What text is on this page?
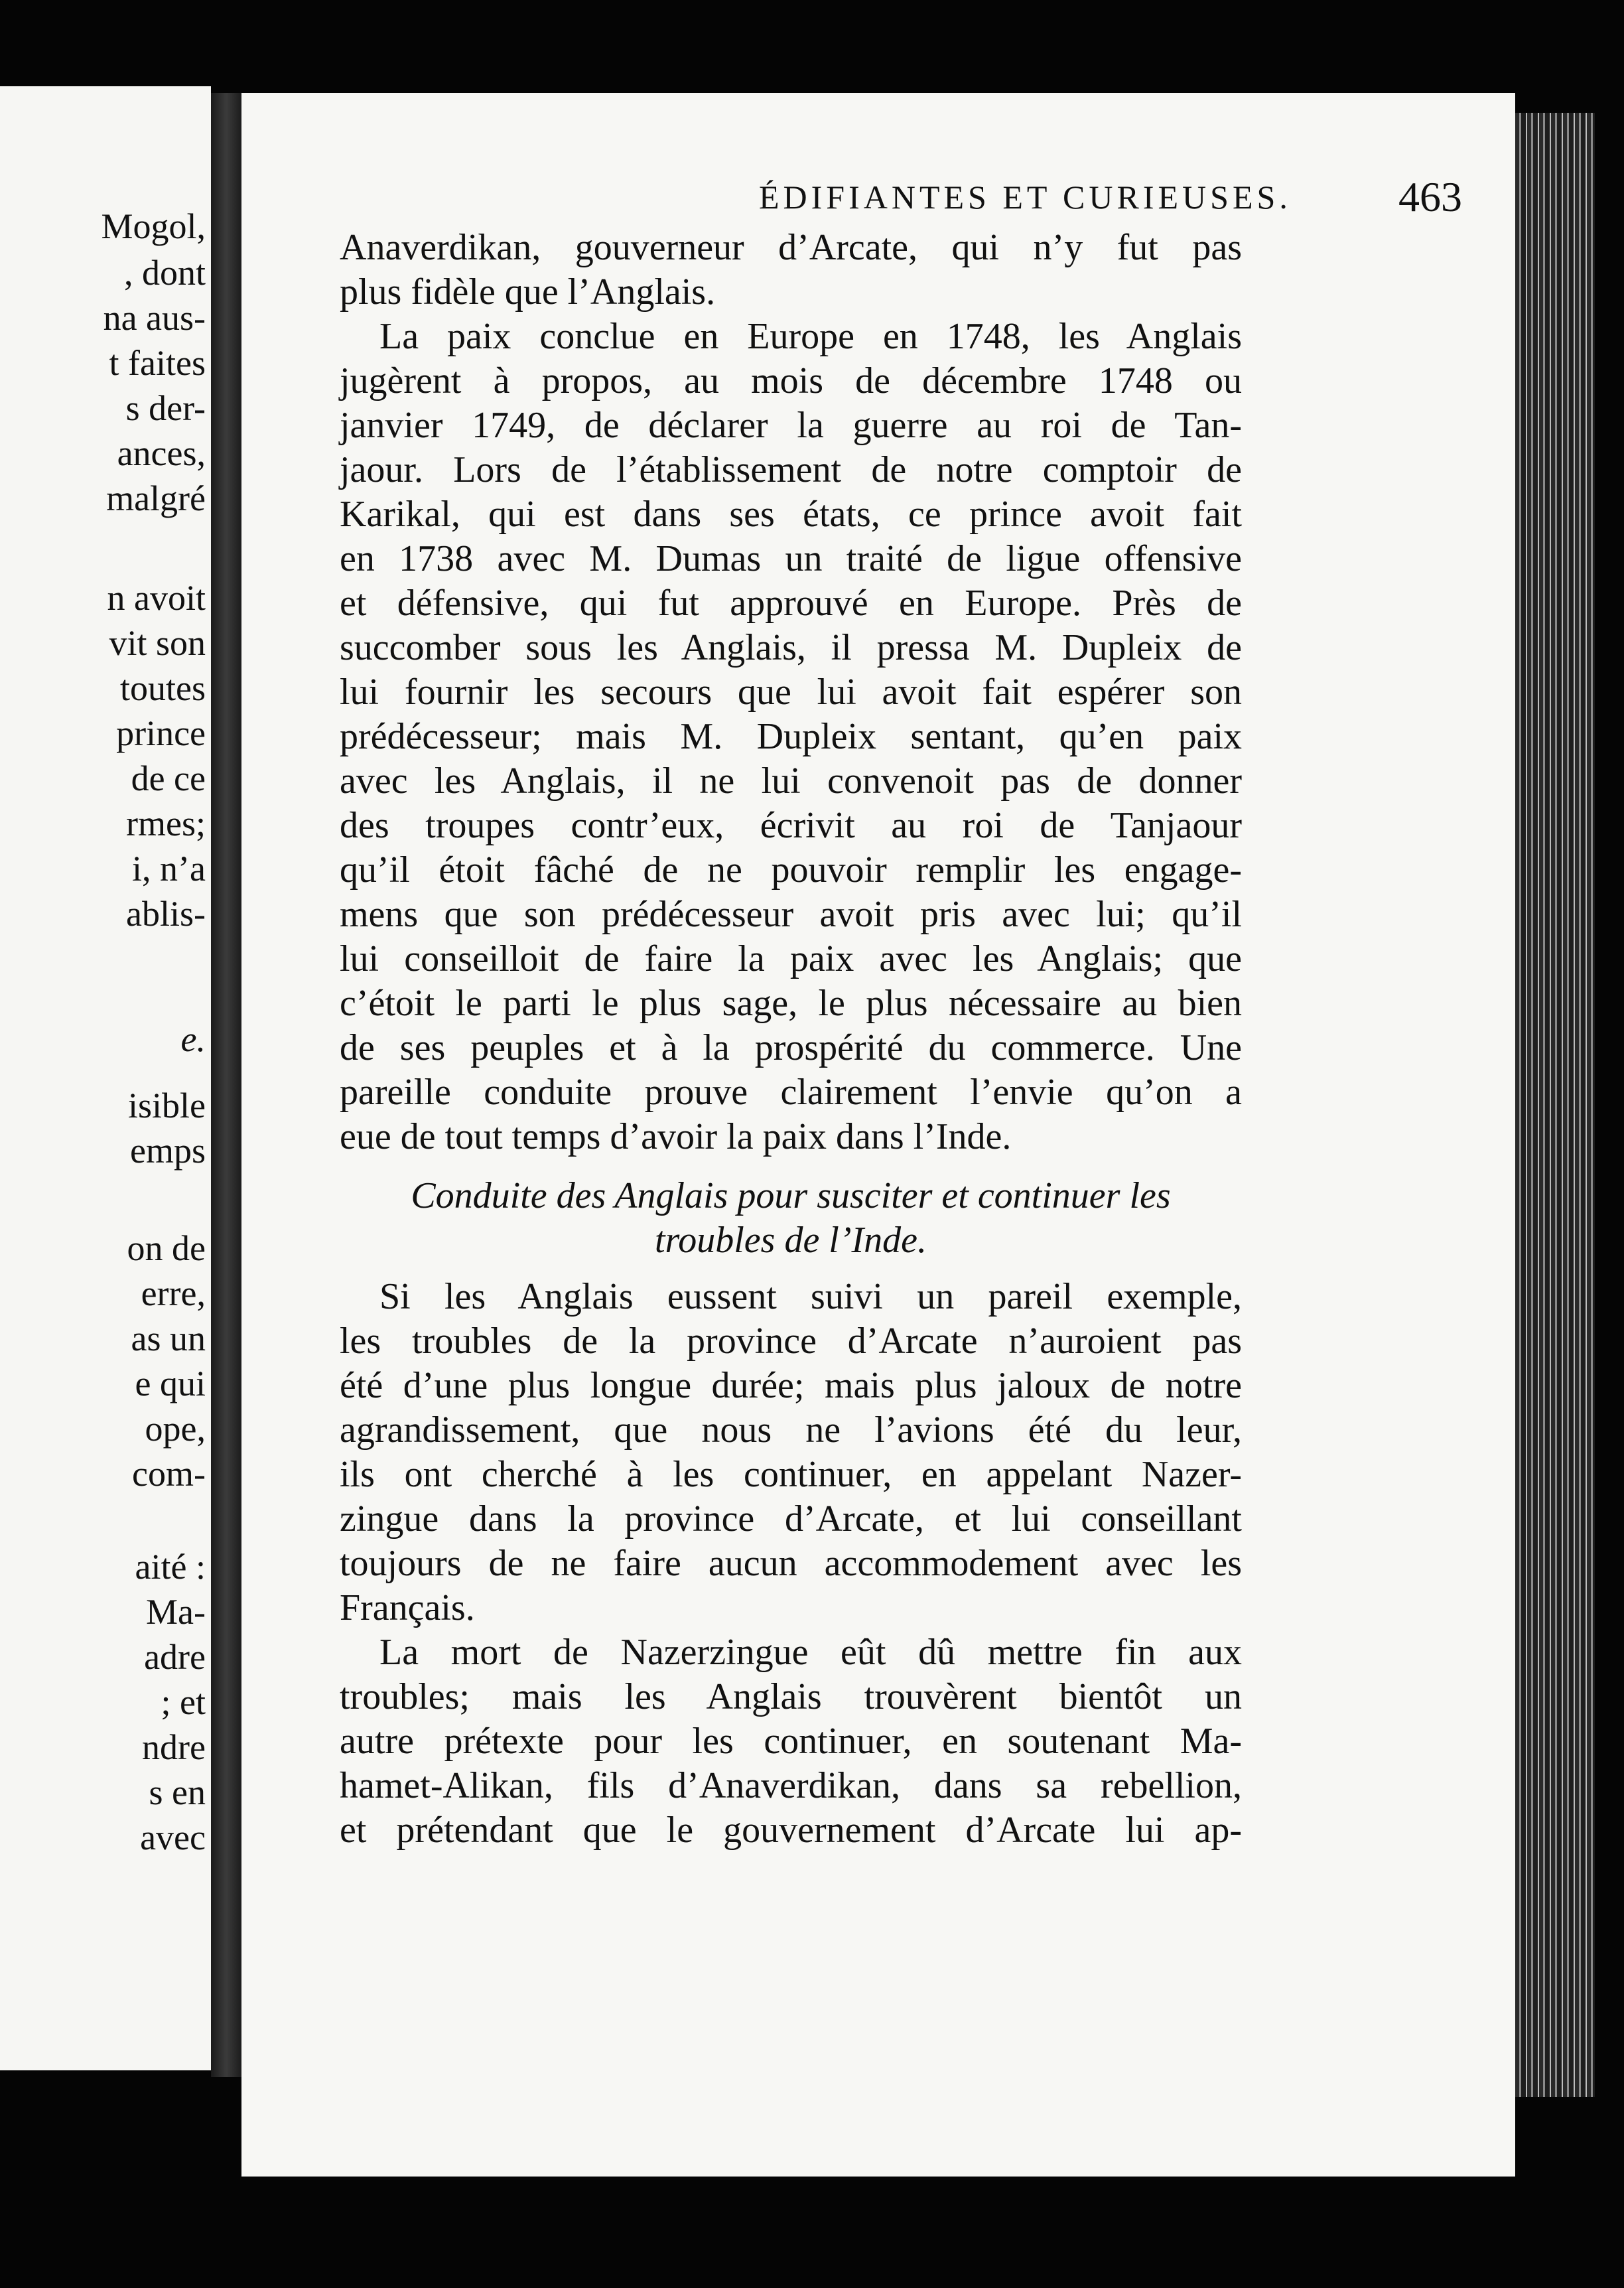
Mogol,
, dont
na aus-
t faites
s der-
ances,
malgré
n avoit
vit son
toutes
prince
de ce
rmes;
i, n’a
ablis-
e.
isible
emps
on de
erre,
as un
e qui
ope,
com-
aité :
Ma-
adre
; et
ndre
s en
avec
ÉDIFIANTES ET CURIEUSES.	463
Anaverdikan, gouverneur d’Arcate, qui n’y fut pas
plus fidèle que l’Anglais.
La paix conclue en Europe en 1748, les Anglais
jugèrent à propos, au mois de décembre 1748 ou
janvier 1749, de déclarer la guerre au roi de Tan-
jaour. Lors de l’établissement de notre comptoir de
Karikal, qui est dans ses états, ce prince avoit fait
en 1738 avec M. Dumas un traité de ligue offensive
et défensive, qui fut approuvé en Europe. Près de
succomber sous les Anglais, il pressa M. Dupleix de
lui fournir les secours que lui avoit fait espérer son
prédécesseur; mais M. Dupleix sentant, qu’en paix
avec les Anglais, il ne lui convenoit pas de donner
des troupes contr’eux, écrivit au roi de Tanjaour
qu’il étoit fâché de ne pouvoir remplir les engage-
mens que son prédécesseur avoit pris avec lui; qu’il
lui conseilloit de faire la paix avec les Anglais; que
c’étoit le parti le plus sage, le plus nécessaire au bien
de ses peuples et à la prospérité du commerce. Une
pareille conduite prouve clairement l’envie qu’on a
eue de tout temps d’avoir la paix dans l’Inde.
Conduite des Anglais pour susciter et continuer les
troubles de l’Inde.
Si les Anglais eussent suivi un pareil exemple,
les troubles de la province d’Arcate n’auroient pas
été d’une plus longue durée; mais plus jaloux de notre
agrandissement, que nous ne l’avions été du leur,
ils ont cherché à les continuer, en appelant Nazer-
zingue dans la province d’Arcate, et lui conseillant
toujours de ne faire aucun accommodement avec les
Français.
La mort de Nazerzingue eût dû mettre fin aux
troubles; mais les Anglais trouvèrent bientôt un
autre prétexte pour les continuer, en soutenant Ma-
hamet-Alikan, fils d’Anaverdikan, dans sa rebellion,
et prétendant que le gouvernement d’Arcate lui ap-
